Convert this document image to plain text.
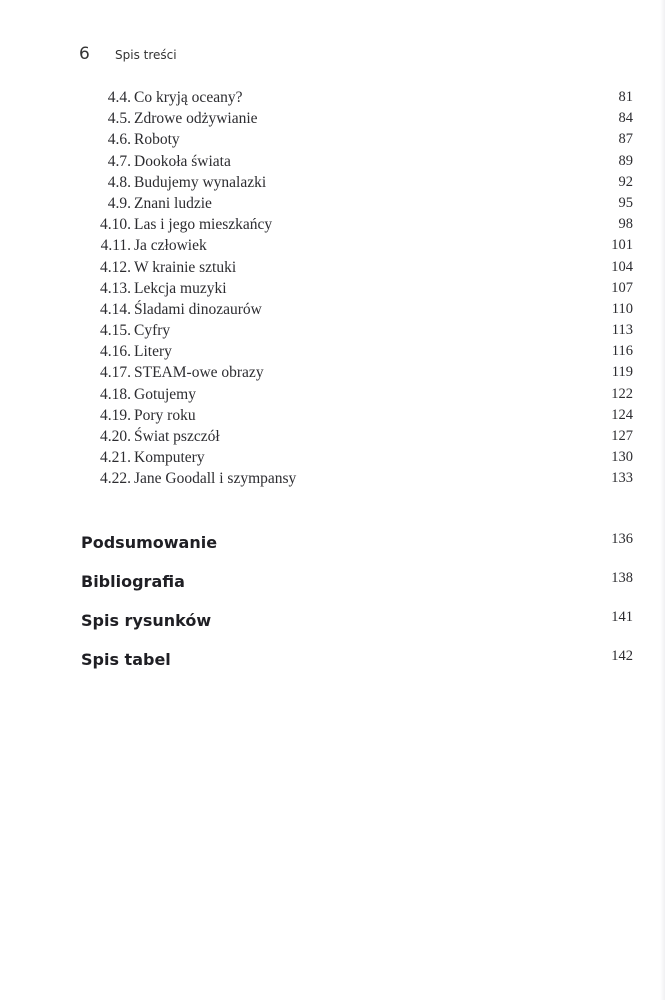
6	Spis treści
4.4. Co kryją oceany?	81
4.5. Zdrowe odżywianie	84
4.6. Roboty	87
4.7. Dookoła świata	89
4.8. Budujemy wynalazki	92
4.9. Znani ludzie	95
4.10. Las i jego mieszkańcy	98
4.11. Ja człowiek	101
4.12. W krainie sztuki	104
4.13. Lekcja muzyki	107
4.14. Śladami dinozaurów	110
4.15. Cyfry	113
4.16. Litery	116
4.17. STEAM-owe obrazy	119
4.18. Gotujemy	122
4.19. Pory roku	124
4.20. Świat pszczół	127
4.21. Komputery	130
4.22. Jane Goodall i szympansy	133
Podsumowanie	136
Bibliografia	138
Spis rysunków	141
Spis tabel	142
